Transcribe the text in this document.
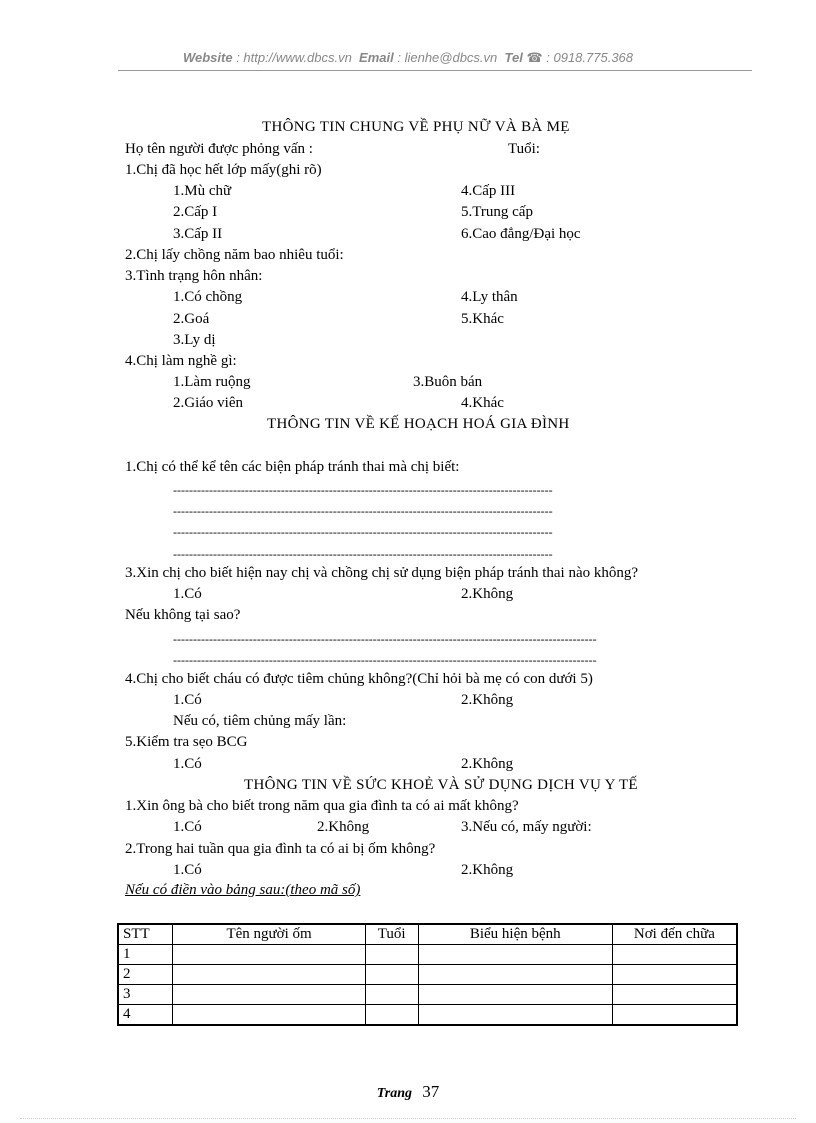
Website : http://www.dbcs.vn Email : lienhe@dbcs.vn Tel ☎ : 0918.775.368
THÔNG TIN CHUNG VỀ PHỤ NỮ VÀ BÀ MẸ
Họ tên người được phỏng vấn :	Tuổi:
1.Chị đã học hết lớp mấy(ghi rõ)
1.Mù chữ
2.Cấp I
3.Cấp II
4.Cấp III
5.Trung cấp
6.Cao đẳng/Đại học
2.Chị lấy chồng năm bao nhiêu tuổi:
3.Tình trạng hôn nhân:
1.Có chồng
2.Goá
3.Ly dị
4.Ly thân
5.Khác
4.Chị làm nghề gì:
1.Làm ruộng
2.Giáo viên
3.Buôn bán
4.Khác
THÔNG TIN VỀ KẾ HOẠCH HOÁ GIA ĐÌNH
1.Chị có thể kể tên các biện pháp tránh thai mà chị biết:
-----------------------------------------------------------------------------------------------
-----------------------------------------------------------------------------------------------
-----------------------------------------------------------------------------------------------
-----------------------------------------------------------------------------------------------
3.Xin chị cho biết hiện nay chị và chồng chị sử dụng biện pháp tránh thai nào không?
1.Có	2.Không
Nếu không tại sao?
----------------------------------------------------------------------------------------------------------
----------------------------------------------------------------------------------------------------------
4.Chị cho biết cháu có được tiêm chủng không?(Chỉ hỏi bà mẹ có con dưới 5)
1.Có	2.Không
Nếu có, tiêm chủng mấy lần:
5.Kiểm tra sẹo BCG
1.Có	2.Không
THÔNG TIN VỀ SỨC KHOẺ VÀ SỬ DỤNG DỊCH VỤ Y TẾ
1.Xin ông bà cho biết trong năm qua gia đình ta có ai mất không?
1.Có	2.Không	3.Nếu có, mấy người:
2.Trong hai tuần qua gia đình ta có ai bị ốm không?
1.Có	2.Không
Nếu có điền vào bảng sau:(theo mã số)
STT	Tên người ốm	Tuổi	Biểu hiện bệnh	Nơi đến chữa
1				
2				
3				
4				
Trang 37
